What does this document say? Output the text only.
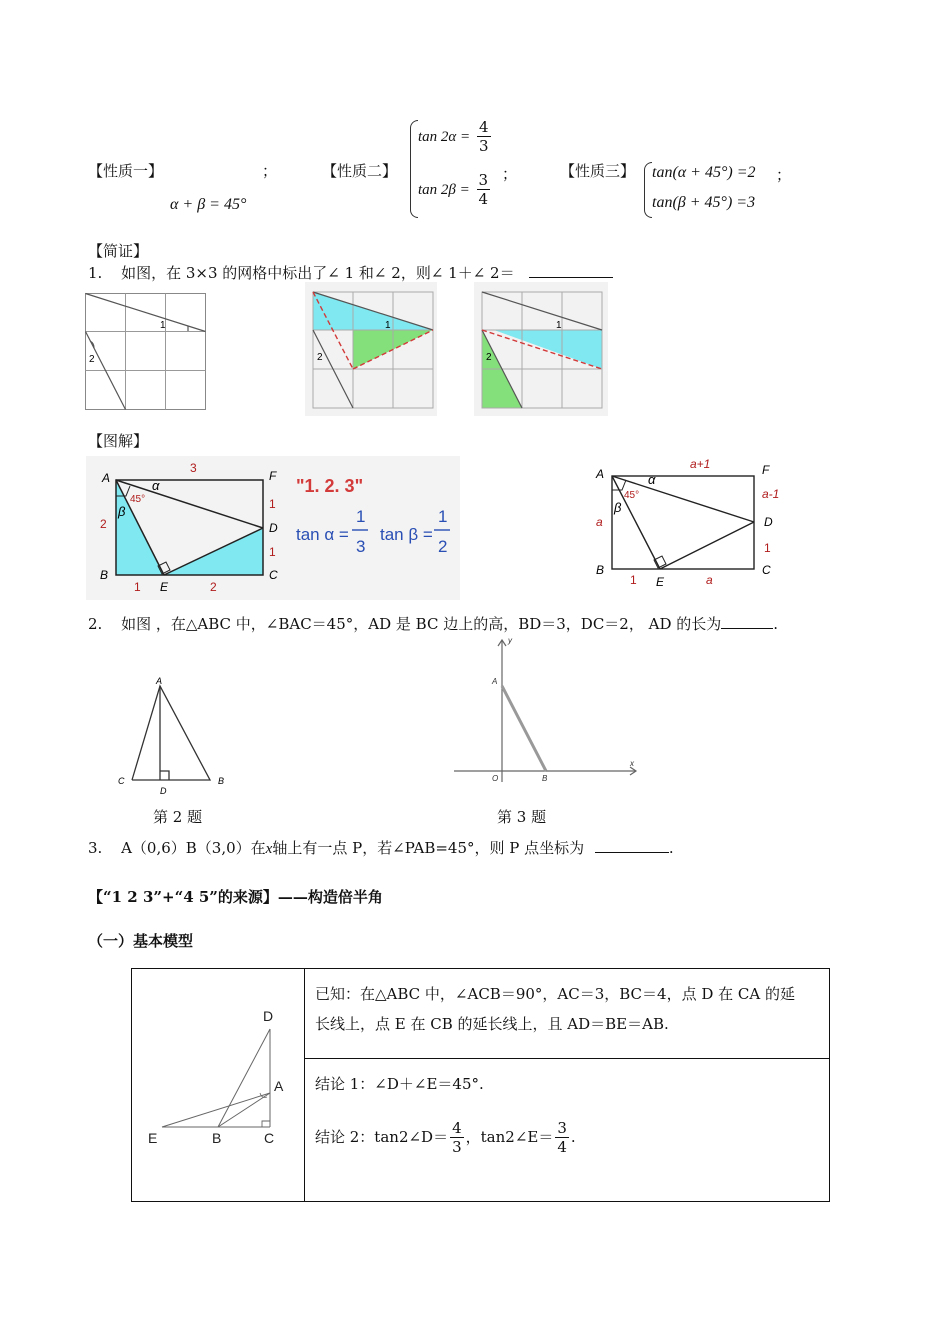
【性质一】	；
α + β = 45°
【性质二】
$\tan 2\alpha = \frac{4}{3}$
$\tan 2\beta = \frac{3}{4}$ ；	【性质三】 tan(α + 45°) =2
tan(β + 45°) =3
；
【简证】
1. 如图，在 3×3 的网格中标出了∠ 1 和∠ 2，则∠ 1＋∠ 2＝
1
2
1
2
1
2
【图解】
A	F
D
B
E
C
α
β
45°
3
2
1
1
1	2
"1. 2. 3"
tan α =
1
3
tan β =
1
2
A	F
D
B
E
C
α
β
45°
a+1
a-1
a
1
1	a
2. 如图 ，在△ABC 中，∠BAC＝45°，AD 是 BC 边上的高，BD＝3，DC＝2， AD 的长为	.
A
C	B
D
第 2 题
y
x
A
O	B
第 3 题
3. A（0,6）B（3,0）在x轴上有一点 P，若∠PAB=45°，则 P 点坐标为	.
【“1 2 3”+“4 5”的来源】——构造倍半角
（一）基本模型
D
A
E	B	C

已知：在△ABC 中，∠ACB＝90°，AC＝3，BC＝4，点 D 在 CA 的延
长线上，点 E 在 CB 的延长线上，且 AD＝BE＝AB.

结论 1：∠D＋∠E＝45°.
结论 2：tan2∠D＝ $\frac{4}{3}$ ，tan2∠E＝ $\frac{3}{4}$ .
